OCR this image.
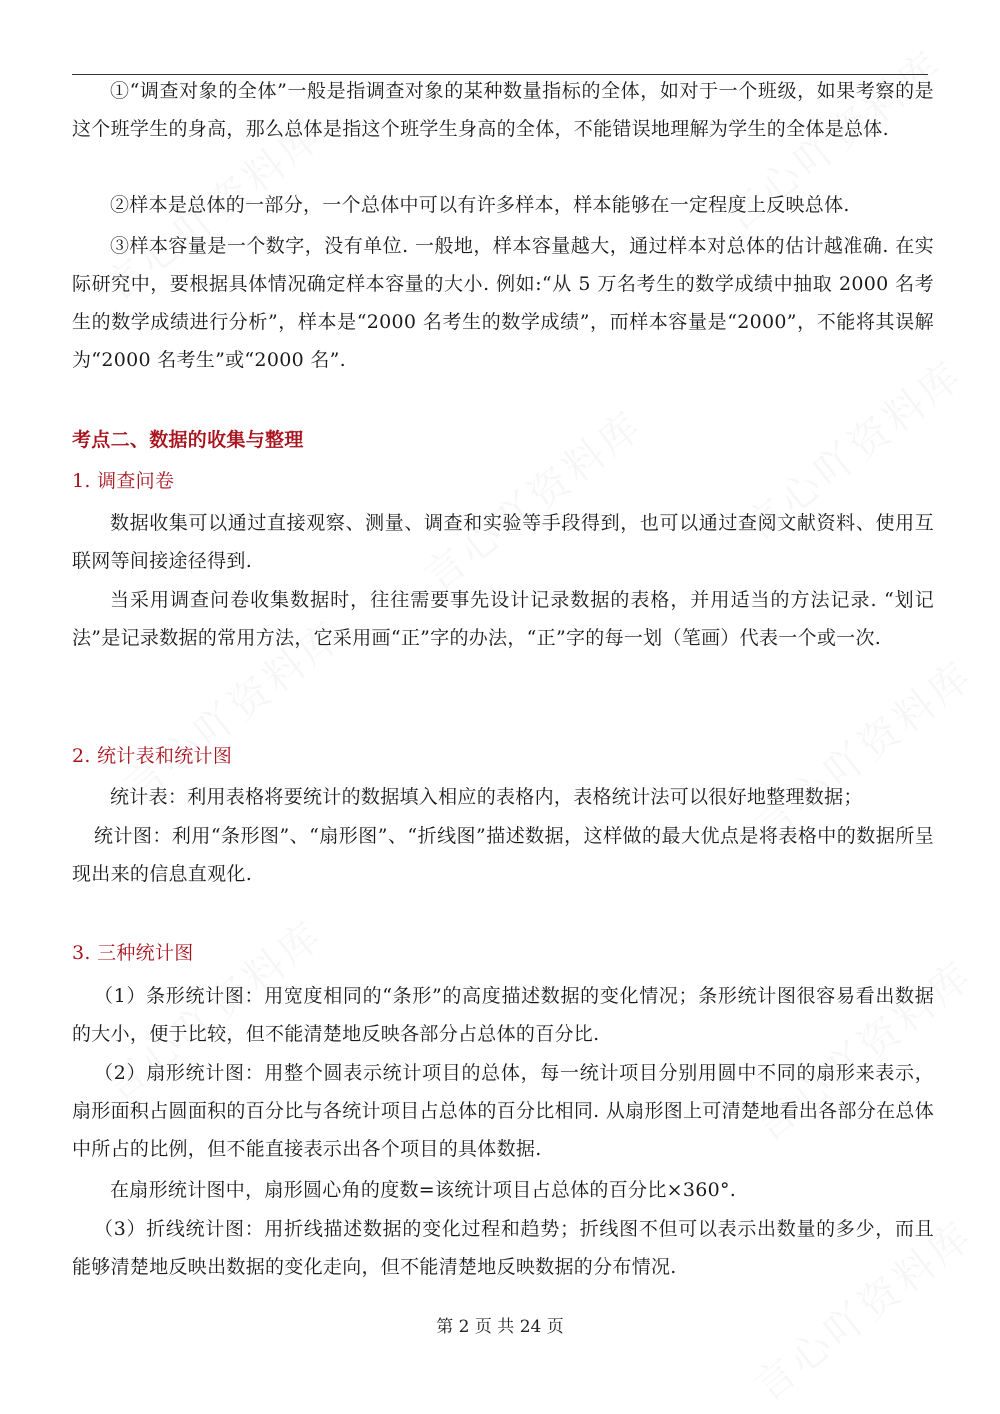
①“调查对象的全体”一般是指调查对象的某种数量指标的全体，如对于一个班级，如果考察的是这个班学生的身高，那么总体是指这个班学生身高的全体，不能错误地理解为学生的全体是总体.
②样本是总体的一部分，一个总体中可以有许多样本，样本能够在一定程度上反映总体.
③样本容量是一个数字，没有单位. 一般地，样本容量越大，通过样本对总体的估计越准确. 在实际研究中，要根据具体情况确定样本容量的大小. 例如:“从 5 万名考生的数学成绩中抽取 2000 名考生的数学成绩进行分析”，样本是“2000 名考生的数学成绩”，而样本容量是“2000”，不能将其误解为“2000 名考生”或“2000 名”.
考点二、数据的收集与整理
1. 调查问卷
数据收集可以通过直接观察、测量、调查和实验等手段得到，也可以通过查阅文献资料、使用互联网等间接途径得到.
当采用调查问卷收集数据时，往往需要事先设计记录数据的表格，并用适当的方法记录. “划记法”是记录数据的常用方法，它采用画“正”字的办法，“正”字的每一划（笔画）代表一个或一次.
2. 统计表和统计图
统计表：利用表格将要统计的数据填入相应的表格内，表格统计法可以很好地整理数据；
统计图：利用“条形图”、“扇形图”、“折线图”描述数据，这样做的最大优点是将表格中的数据所呈现出来的信息直观化.
3. 三种统计图
（1）条形统计图：用宽度相同的“条形”的高度描述数据的变化情况；条形统计图很容易看出数据的大小，便于比较，但不能清楚地反映各部分占总体的百分比.
（2）扇形统计图：用整个圆表示统计项目的总体，每一统计项目分别用圆中不同的扇形来表示，扇形面积占圆面积的百分比与各统计项目占总体的百分比相同. 从扇形图上可清楚地看出各部分在总体中所占的比例，但不能直接表示出各个项目的具体数据.
在扇形统计图中，扇形圆心角的度数=该统计项目占总体的百分比×360°.
（3）折线统计图：用折线描述数据的变化过程和趋势；折线图不但可以表示出数量的多少，而且能够清楚地反映出数据的变化走向，但不能清楚地反映数据的分布情况.
第 2 页 共 24 页
